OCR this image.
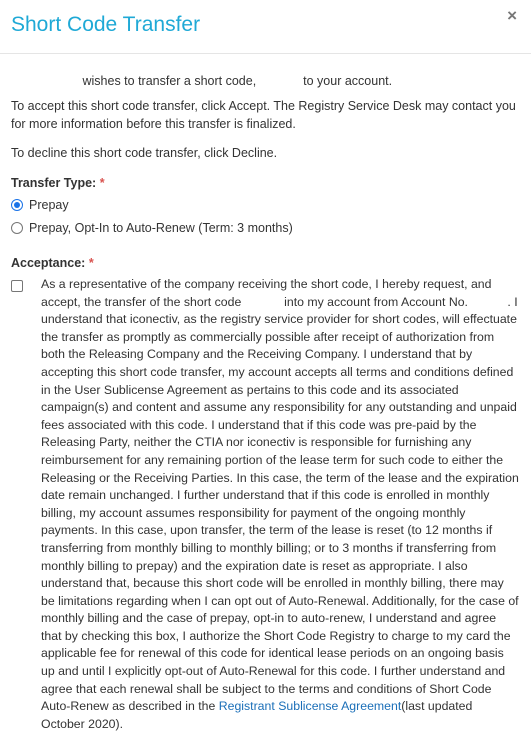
Short Code Transfer	×
wishes to transfer a short code,	to your account.
To accept this short code transfer, click Accept. The Registry Service Desk may contact you for more information before this transfer is finalized.
To decline this short code transfer, click Decline.
Transfer Type: *
Prepay
Prepay, Opt-In to Auto-Renew (Term: 3 months)
Acceptance: *
As a representative of the company receiving the short code, I hereby request, and accept, the transfer of the short code	into my account from Account No.	. I understand that iconectiv, as the registry service provider for short codes, will effectuate the transfer as promptly as commercially possible after receipt of authorization from both the Releasing Company and the Receiving Company. I understand that by accepting this short code transfer, my account accepts all terms and conditions defined in the User Sublicense Agreement as pertains to this code and its associated campaign(s) and content and assume any responsibility for any outstanding and unpaid fees associated with this code. I understand that if this code was pre-paid by the Releasing Party, neither the CTIA nor iconectiv is responsible for furnishing any reimbursement for any remaining portion of the lease term for such code to either the Releasing or the Receiving Parties. In this case, the term of the lease and the expiration date remain unchanged. I further understand that if this code is enrolled in monthly billing, my account assumes responsibility for payment of the ongoing monthly payments. In this case, upon transfer, the term of the lease is reset (to 12 months if transferring from monthly billing to monthly billing; or to 3 months if transferring from monthly billing to prepay) and the expiration date is reset as appropriate. I also understand that, because this short code will be enrolled in monthly billing, there may be limitations regarding when I can opt out of Auto-Renewal. Additionally, for the case of monthly billing and the case of prepay, opt-in to auto-renew, I understand and agree that by checking this box, I authorize the Short Code Registry to charge to my card the applicable fee for renewal of this code for identical lease periods on an ongoing basis up and until I explicitly opt-out of Auto-Renewal for this code. I further understand and agree that each renewal shall be subject to the terms and conditions of Short Code Auto-Renew as described in the Registrant Sublicense Agreement(last updated October 2020).
